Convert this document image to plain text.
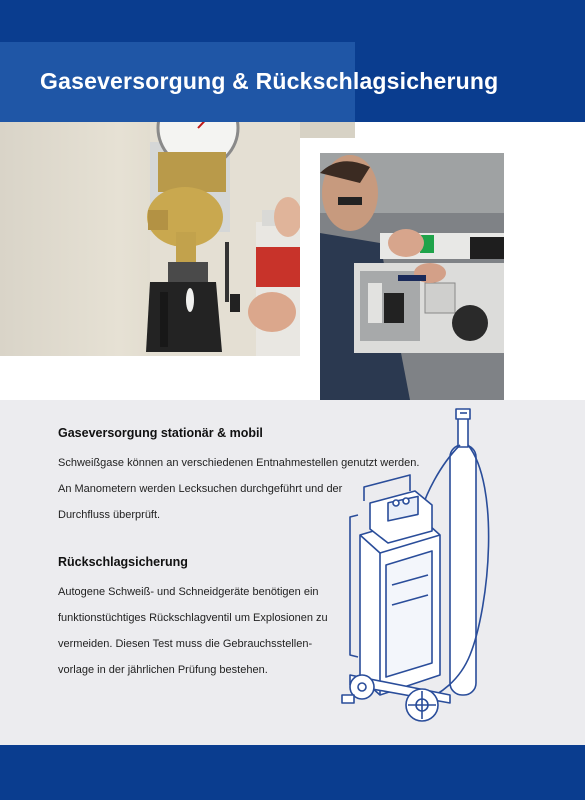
Gaseversorgung & Rückschlagsicherung
Gaseversorgung stationär & mobil

Schweißgase können an verschiedenen Entnahmestellen genutzt werden.

An Manometern werden Lecksuchen durchgeführt und der

Durchfluss überprüft.

Rückschlagsicherung

Autogene Schweiß- und Schneidgeräte benötigen ein

funktionstüchtiges Rückschlagventil um Explosionen zu

vermeiden. Diesen Test muss die Gebrauchsstellen-

vorlage in der jährlichen Prüfung bestehen.
